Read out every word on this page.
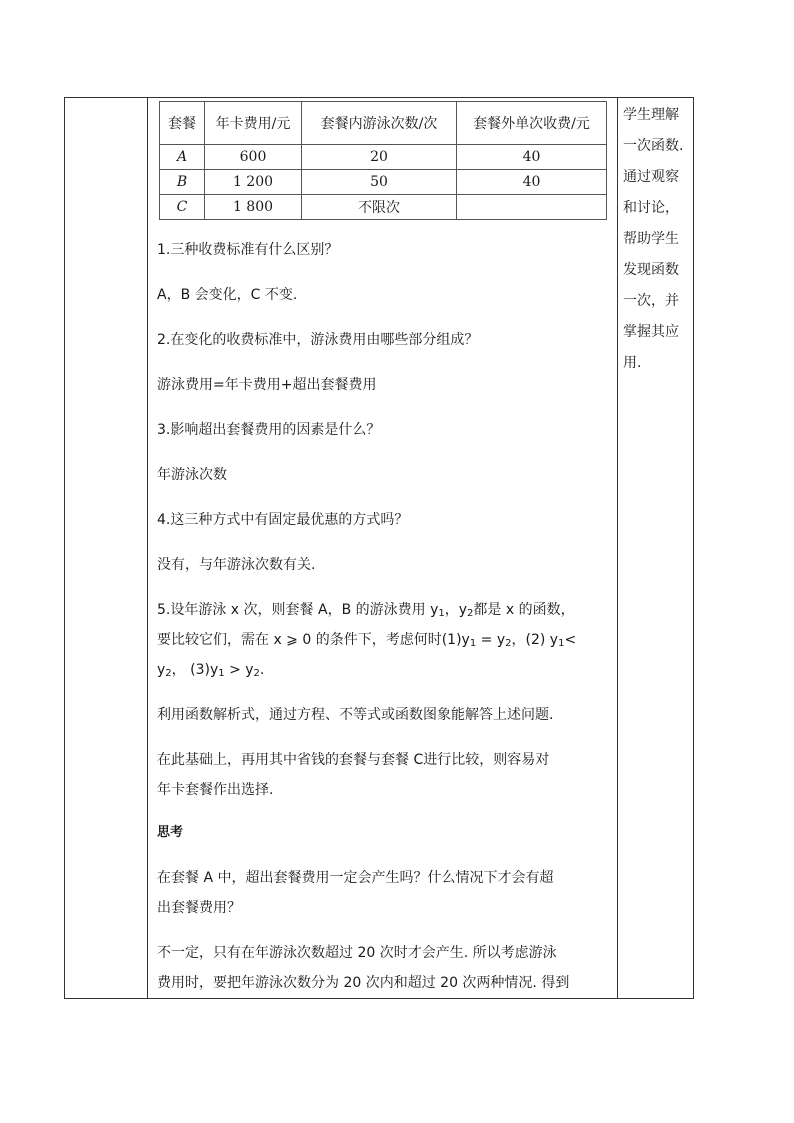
套餐	年卡费用/元	套餐内游泳次数/次	套餐外单次收费/元
A	600	20	40
B	1 200	50	40
C	1 800	不限次	
1.三种收费标准有什么区别？
A，B 会变化，C 不变.
2.在变化的收费标准中，游泳费用由哪些部分组成？
游泳费用=年卡费用+超出套餐费用
3.影响超出套餐费用的因素是什么？
年游泳次数
4.这三种方式中有固定最优惠的方式吗？
没有，与年游泳次数有关.
5.设年游泳 x 次，则套餐 A，B 的游泳费用 $y_1$，$y_2$都是 x 的函数，
要比较它们，需在 x ⩾ 0 的条件下，考虑何时$(1)y_1 = y_2$，(2) $y_1<$
$y_2$， $(3)y_1 > y_2$.
利用函数解析式，通过方程、不等式或函数图象能解答上述问题.
在此基础上，再用其中省钱的套餐与套餐 C进行比较，则容易对
年卡套餐作出选择.
思考
在套餐 A 中，超出套餐费用一定会产生吗？什么情况下才会有超
出套餐费用？
不一定，只有在年游泳次数超过 20 次时才会产生. 所以考虑游泳
费用时，要把年游泳次数分为 20 次内和超过 20 次两种情况. 得到
学生理解
一次函数.
通过观察
和讨论，
帮助学生
发现函数
一次，并
掌握其应
用.
